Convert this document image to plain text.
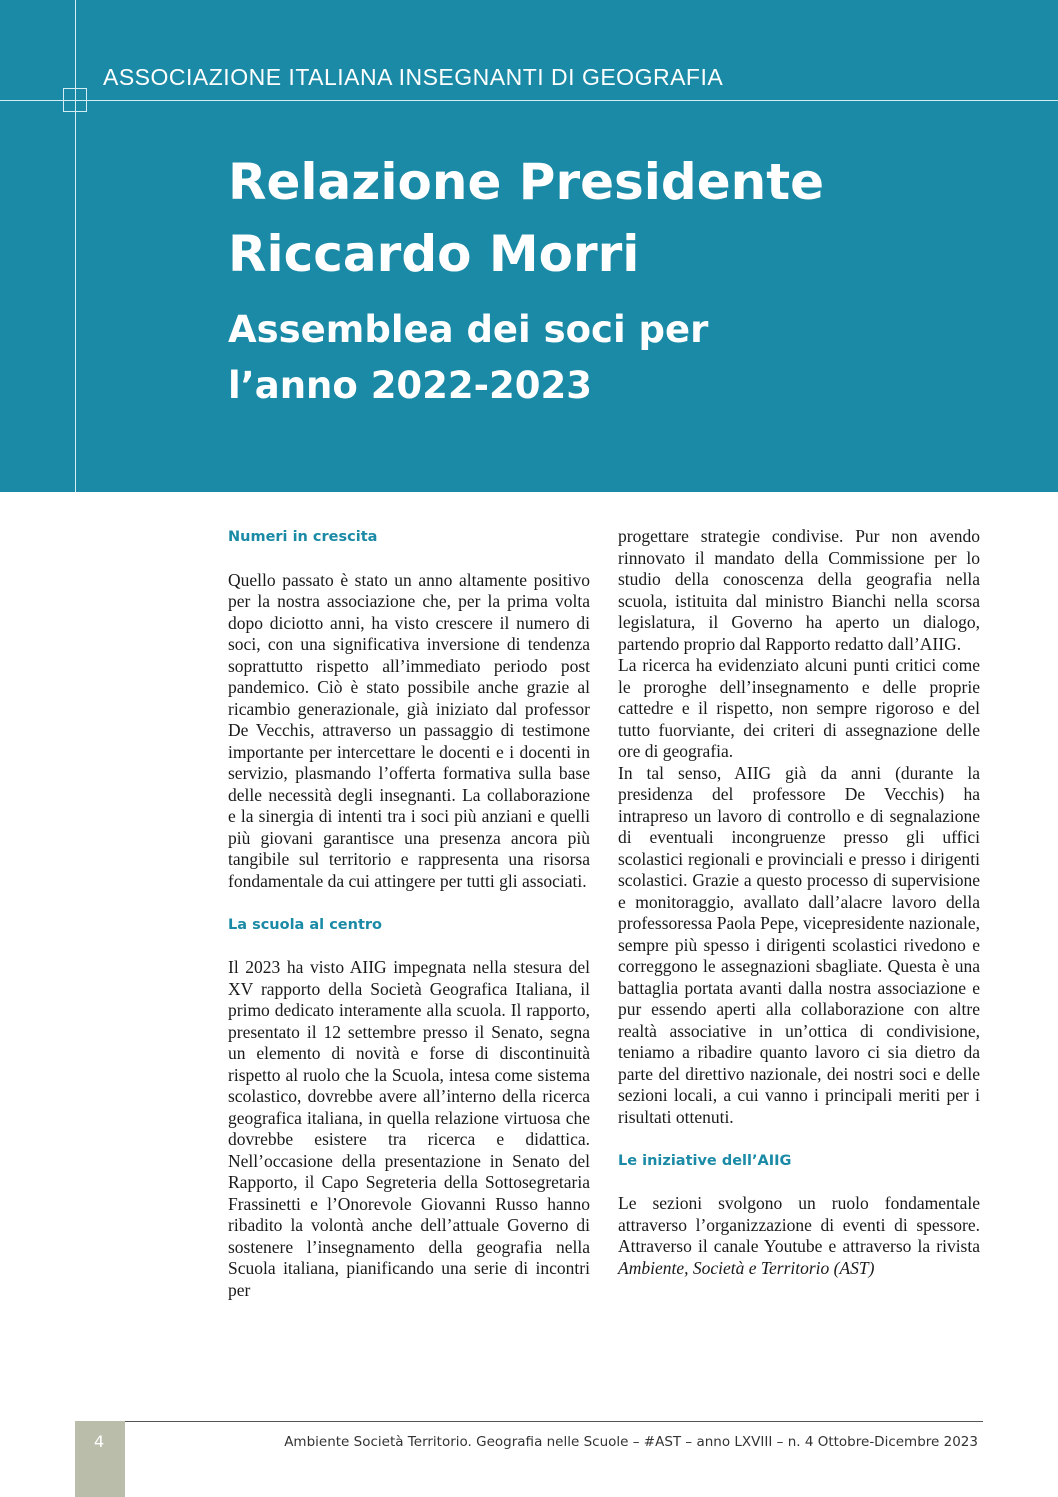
ASSOCIAZIONE ITALIANA INSEGNANTI DI GEOGRAFIA
Relazione Presidente
Riccardo Morri
Assemblea dei soci per
l’anno 2022-2023
Numeri in crescita

Quello passato è stato un anno altamente positivo per la nostra associazione che, per la prima volta dopo diciotto anni, ha visto crescere il numero di soci, con una significativa inversione di tendenza soprattutto rispetto all’immediato periodo post pandemico. Ciò è stato possibile anche grazie al ricambio generazionale, già iniziato dal professor De Vecchis, attraverso un passaggio di testimone importante per intercettare le docenti e i docenti in servizio, plasmando l’offerta formativa sulla base delle necessità degli insegnanti. La collaborazione e la sinergia di intenti tra i soci più anziani e quelli più giovani garantisce una presenza ancora più tangibile sul territorio e rappresenta una risorsa fondamentale da cui attingere per tutti gli associati.

La scuola al centro

Il 2023 ha visto AIIG impegnata nella stesura del XV rapporto della Società Geografica Italiana, il primo dedicato interamente alla scuola. Il rapporto, presentato il 12 settembre presso il Senato, segna un elemento di novità e forse di discontinuità rispetto al ruolo che la Scuola, intesa come sistema scolastico, dovrebbe avere all’interno della ricerca geografica italiana, in quella relazione virtuosa che dovrebbe esistere tra ricerca e didattica. Nell’occasione della presentazione in Senato del Rapporto, il Capo Segreteria della Sottosegretaria Frassinetti e l’Onorevole Giovanni Russo hanno ribadito la volontà anche dell’attuale Governo di sostenere l’insegnamento della geografia nella Scuola italiana, pianificando una serie di incontri per

progettare strategie condivise. Pur non avendo rinnovato il mandato della Commissione per lo studio della conoscenza della geografia nella scuola, istituita dal ministro Bianchi nella scorsa legislatura, il Governo ha aperto un dialogo, partendo proprio dal Rapporto redatto dall’AIIG.

La ricerca ha evidenziato alcuni punti critici come le proroghe dell’insegnamento e delle proprie cattedre e il rispetto, non sempre rigoroso e del tutto fuorviante, dei criteri di assegnazione delle ore di geografia.

In tal senso, AIIG già da anni (durante la presidenza del professore De Vecchis) ha intrapreso un lavoro di controllo e di segnalazione di eventuali incongruenze presso gli uffici scolastici regionali e provinciali e presso i dirigenti scolastici. Grazie a questo processo di supervisione e monitoraggio, avallato dall’alacre lavoro della professoressa Paola Pepe, vicepresidente nazionale, sempre più spesso i dirigenti scolastici rivedono e correggono le assegnazioni sbagliate. Questa è una battaglia portata avanti dalla nostra associazione e pur essendo aperti alla collaborazione con altre realtà associative in un’ottica di condivisione, teniamo a ribadire quanto lavoro ci sia dietro da parte del direttivo nazionale, dei nostri soci e delle sezioni locali, a cui vanno i principali meriti per i risultati ottenuti.

Le iniziative dell’AIIG

Le sezioni svolgono un ruolo fondamentale attraverso l’organizzazione di eventi di spessore. Attraverso il canale Youtube e attraverso la rivista Ambiente, Società e Territorio (AST)

4	Ambiente Società Territorio. Geografia nelle Scuole – #AST – anno LXVIII – n. 4 Ottobre-Dicembre 2023
